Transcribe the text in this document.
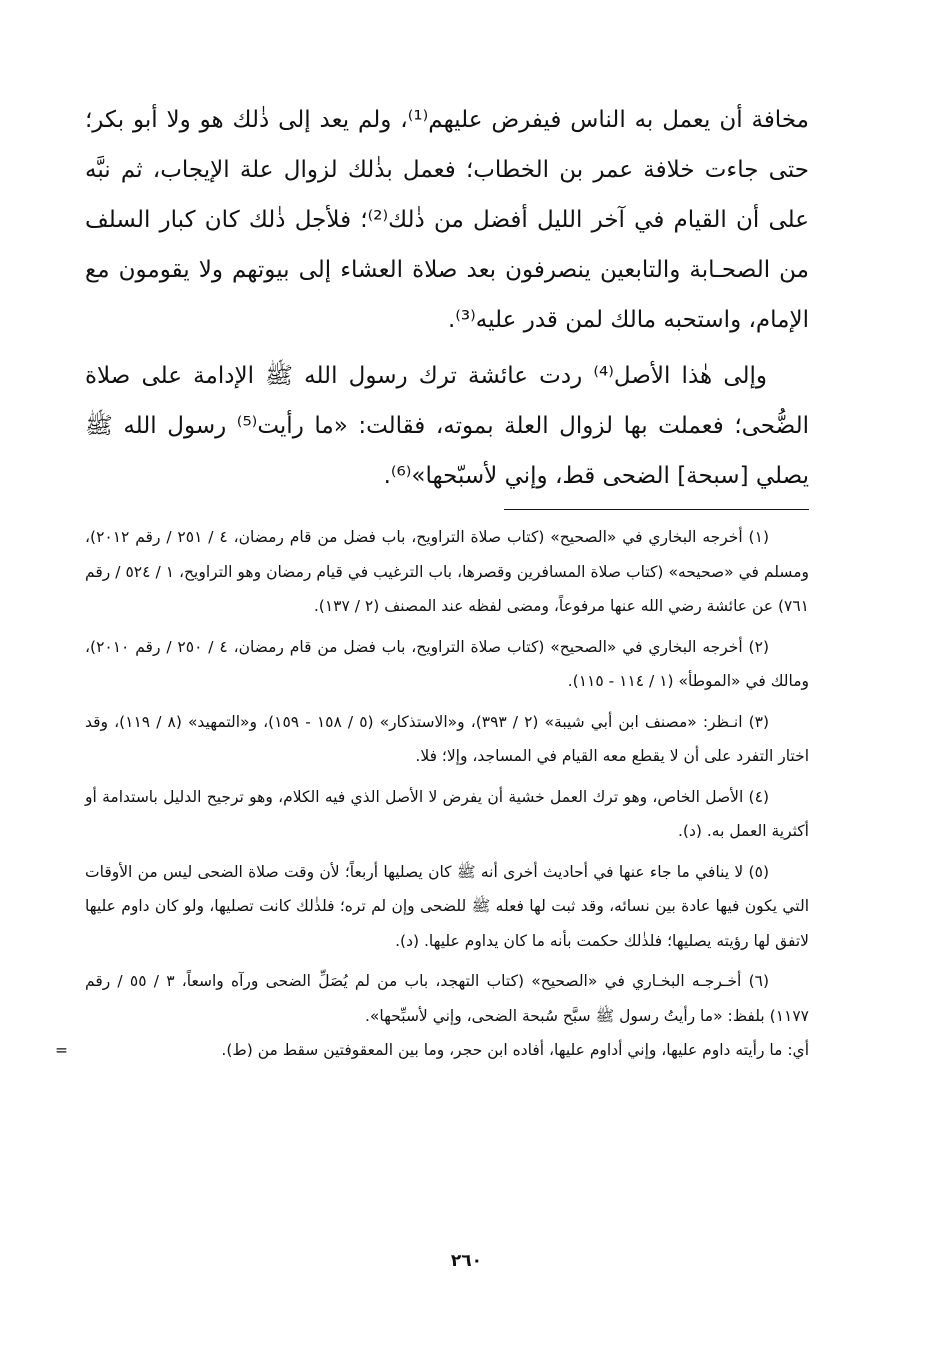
مخافة أن يعمل به الناس فيفرض عليهم⁽¹⁾، ولم يعد إلى ذٰلك هو ولا أبو بكر؛ حتى جاءت خلافة عمر بن الخطاب؛ فعمل بذٰلك لزوال علة الإيجاب، ثم نبَّه على أن القيام في آخر الليل أفضل من ذٰلك⁽²⁾؛ فلأجل ذٰلك كان كبار السلف من الصحـابة والتابعين ينصرفون بعد صلاة العشاء إلى بيوتهم ولا يقومون مع الإمام، واستحبه مالك لمن قدر عليه⁽³⁾.

وإلى هٰذا الأصل⁽⁴⁾ ردت عائشة ترك رسول الله ﷺ الإدامة على صلاة الضُّحى؛ فعملت بها لزوال العلة بموته، فقالت: «ما رأيت⁽⁵⁾ رسول الله ﷺ يصلي [سبحة] الضحى قط، وإني لأسبّحها»⁽⁶⁾.

(١) أخرجه البخاري في «الصحيح» (كتاب صلاة التراويح، باب فضل من قام رمضان، ٤ / ٢٥١ / رقم ٢٠١٢)، ومسلم في «صحيحه» (كتاب صلاة المسافرين وقصرها، باب الترغيب في قيام رمضان وهو التراويح، ١ / ٥٢٤ / رقم ٧٦١) عن عائشة رضي الله عنها مرفوعاً، ومضى لفظه عند المصنف (٢ / ١٣٧).

(٢) أخرجه البخاري في «الصحيح» (كتاب صلاة التراويح، باب فضل من قام رمضان، ٤ / ٢٥٠ / رقم ٢٠١٠)، ومالك في «الموطأ» (١ / ١١٤ - ١١٥).

(٣) انـظر: «مصنف ابن أبي شيبة» (٢ / ٣٩٣)، و«الاستذكار» (٥ / ١٥٨ - ١٥٩)، و«التمهيد» (٨ / ١١٩)، وقد اختار التفرد على أن لا يقطع معه القيام في المساجد، وإلا؛ فلا.

(٤) الأصل الخاص، وهو ترك العمل خشية أن يفرض لا الأصل الذي فيه الكلام، وهو ترجيح الدليل باستدامة أو أكثرية العمل به. (د).

(٥) لا ينافي ما جاء عنها في أحاديث أخرى أنه ﷺ كان يصليها أربعاً؛ لأن وقت صلاة الضحى ليس من الأوقات التي يكون فيها عادة بين نسائه، وقد ثبت لها فعله ﷺ للضحى وإن لم تره؛ فلذٰلك كانت تصليها، ولو كان داوم عليها لاتفق لها رؤيته يصليها؛ فلذٰلك حكمت بأنه ما كان يداوم عليها. (د).

(٦) أخـرجـه البخـاري في «الصحيح» (كتاب التهجد، باب من لم يُصَلِّ الضحى ورآه واسعاً، ٣ / ٥٥ / رقم ١١٧٧) بلفظ: «ما رأيتُ رسول ﷺ سبَّح سُبحة الضحى، وإني لأسبِّحها».

أي: ما رأيته داوم عليها، وإني أداوم عليها، أفاده ابن حجر، وما بين المعقوفتين سقط من (ط).
=
٢٦٠
